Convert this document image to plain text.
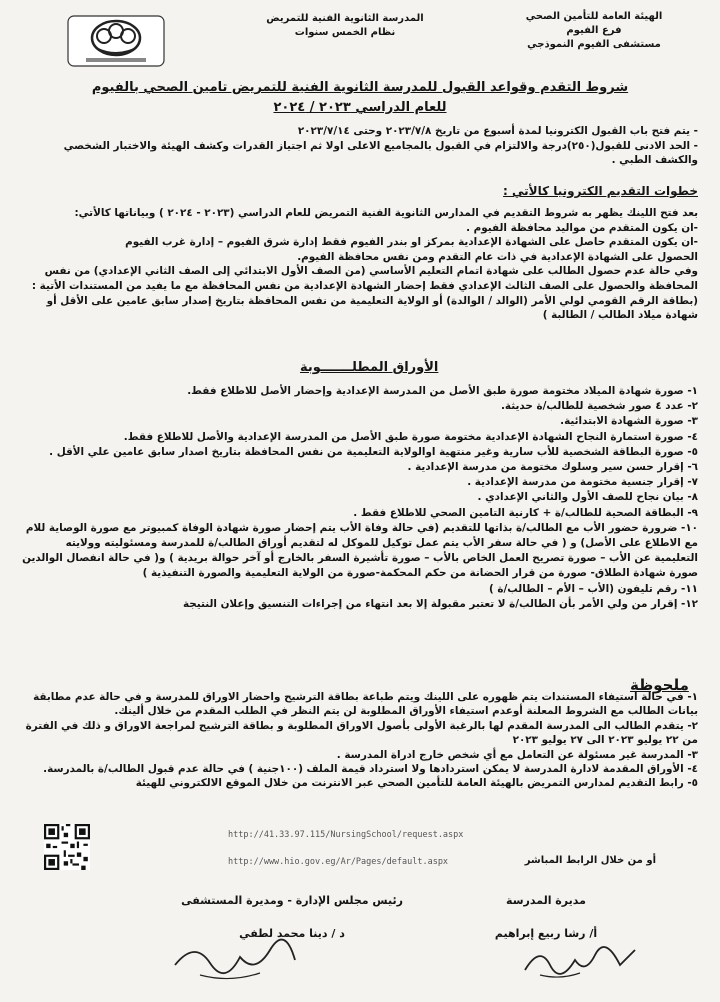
الهيئة العامة للتأمين الصحي
فرع الفيوم
مستشفى الفيوم النموذجي
المدرسة الثانوية الفنية للتمريض
نظام الخمس سنوات
شروط التقدم وقواعد القبول للمدرسة الثانوية الفنية للتمريض تامين الصحي بالفيوم
للعام الدراسي ٢٠٢٣ / ٢٠٢٤
- يتم فتح باب القبول الكترونيا لمدة أسبوع من تاريخ ٢٠٢٣/٧/٨ وحتى ٢٠٢٣/٧/١٤
- الحد الادنى للقبول(٢٥٠)درجة والالتزام في القبول بالمجاميع الاعلى اولا ثم اجتياز القدرات وكشف الهيئة والاختبار الشخصي والكشف الطبي .
خطوات التقديم الكترونيا كالأتي :
بعد فتح اللينك يظهر به شروط التقديم في المدارس الثانوية الفنية التمريض للعام الدراسي (٢٠٢٣ - ٢٠٢٤ ) وبياناتها كالأتي:
-ان يكون المتقدم من مواليد محافظة الفيوم .
-ان يكون المتقدم حاصل على الشهادة الإعدادية بمركز او بندر الفيوم فقط إدارة شرق الفيوم – إدارة غرب الفيوم
الحصول على الشهادة الإعدادية في ذات عام التقدم ومن نفس محافظة الفيوم.
وفي حالة عدم حصول الطالب على شهادة اتمام التعليم الأساسي (من الصف الأول الابتدائي إلى الصف الثاني الإعدادي) من نفس المحافظة والحصول على الصف الثالث الإعدادي فقط إحضار الشهادة الإعدادية من نفس المحافظة مع ما يفيد من المستندات الأتية :
(بطاقة الرقم القومي لولي الأمر (الوالد / الوالدة) أو الولاية التعليمية من نفس المحافظة بتاريخ إصدار سابق عامين على الأقل أو شهادة ميلاد الطالب / الطالبة )
الأوراق المطلـــــــوبة
١- صورة شهادة الميلاد مختومة صورة طبق الأصل من المدرسة الإعدادية وإحضار الأصل للاطلاع فقط.
٢- عدد ٤ صور شخصية للطالب/ة حديثة.
٣- صورة الشهادة الابتدائية.
٤- صورة استمارة النجاح الشهادة الإعدادية مختومة صورة طبق الأصل من المدرسة الإعدادية والأصل للاطلاع فقط.
٥- صورة البطاقة الشخصية للأب سارية وغير منتهية اوالولاية التعليمية من نفس المحافظة بتاريخ اصدار سابق عامين علي الأقل .
٦- إقرار حسن سير وسلوك مختومة من مدرسة الإعدادية .
٧- إقرار جنسية مختومة من مدرسة الإعدادية .
٨- بيان نجاح للصف الأول والثاني الإعدادي .
٩- البطاقة الصحية للطالب/ة + كارنية التامين الصحي للاطلاع فقط .
١٠- ضرورة حضور الأب مع الطالب/ة بذاتها للتقديم (في حالة وفاة الأب يتم إحضار صورة شهادة الوفاة كمبيوتر مع صورة الوصاية للام مع الاطلاع على الأصل) و ( في حالة سفر الأب يتم عمل توكيل للموكل له لتقديم أوراق الطالب/ة للمدرسة ومسئوليته وولايته التعليمية عن الأب – صورة تصريح العمل الخاص بالأب – صورة تأشيرة السفر بالخارج أو آخر حوالة بريدية ) و( في حالة انفصال الوالدين صورة شهادة الطلاق- صورة من قرار الحضانة من حكم المحكمة-صورة من الولاية التعليمية والصورة التنفيذية )
١١- رقم تليفون (الأب – الأم – الطالب/ة )
١٢- إقرار من ولي الأمر بأن الطالب/ة لا تعتبر مقبولة إلا بعد انتهاء من إجراءات التنسيق وإعلان النتيجة
ملحوظة
١- في حالة استيفاء المستندات يتم ظهوره على اللينك ويتم طباعة بطاقة الترشيح واحضار الاوراق للمدرسة و في حالة عدم مطابقة بيانات الطالب مع الشروط المعلنة أوعدم استيفاء الأوراق المطلوبة لن يتم النظر في الطلب المقدم من خلال ألينك.
٢- يتقدم الطالب الى المدرسة المقدم لها بالرغبة الأولى بأصول الاوراق المطلوبة و بطاقة الترشيح لمراجعة الاوراق و ذلك في الفترة من ٢٢ يوليو ٢٠٢٣ الى ٢٧ يوليو ٢٠٢٣
٣- المدرسة غير مسئولة عن التعامل مع أي شخص خارج ادراة المدرسة .
٤- الأوراق المقدمة لادارة المدرسة لا يمكن استردادها ولا استرداد قيمة الملف (١٠٠جنية ) في حالة عدم قبول الطالب/ة بالمدرسة.
٥- رابط التقديم لمدارس التمريض بالهيئة العامة للتأمين الصحي عبر الانترنت من خلال الموقع الالكتروني للهيئة
http://41.33.97.115/NursingSchool/request.aspx
http://www.hio.gov.eg/Ar/Pages/default.aspx	أو من خلال الرابط المباشر
مديرة المدرسة
أ/ رشا ربيع إبراهيم
رئيس مجلس الإدارة - ومديرة المستشفى
د / دينا محمد لطفي
